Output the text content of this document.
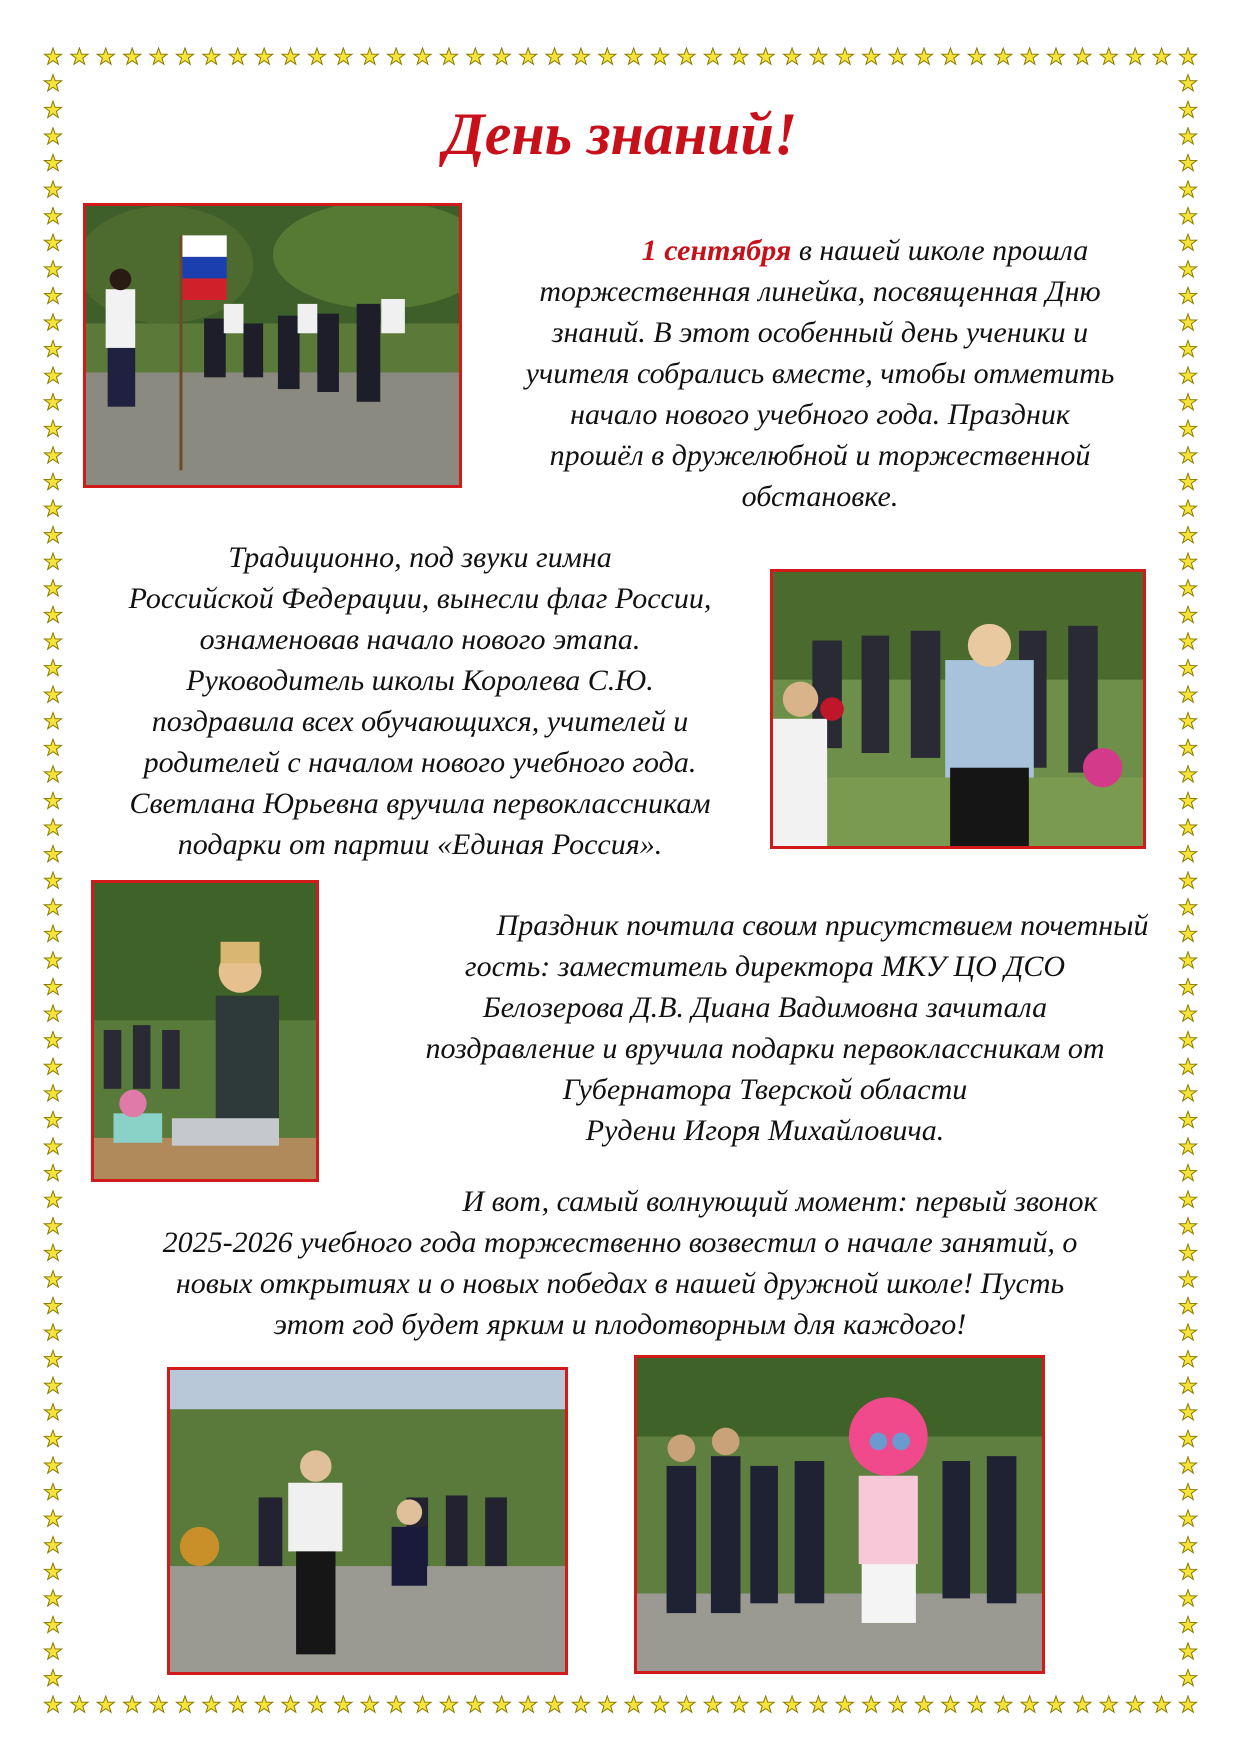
День знаний!
1 сентября в нашей школе прошла
торжественная линейка, посвященная Дню
знаний. В этот особенный день ученики и
учителя собрались вместе, чтобы отметить
начало нового учебного года. Праздник
прошёл в дружелюбной и торжественной
обстановке.
Традиционно, под звуки гимна
Российской Федерации, вынесли флаг России,
ознаменовав начало нового этапа.
Руководитель школы Королева С.Ю.
поздравила всех обучающихся, учителей и
родителей с началом нового учебного года.
Светлана Юрьевна вручила первоклассникам
подарки от партии «Единая Россия».
Праздник почтила своим присутствием почетный
гость: заместитель директора МКУ ЦО ДСО
Белозерова Д.В. Диана Вадимовна зачитала
поздравление и вручила подарки первоклассникам от
Губернатора Тверской области
Рудени Игоря Михайловича.
И вот, самый волнующий момент: первый звонок
2025-2026 учебного года торжественно возвестил о начале занятий, о
новых открытиях и о новых победах в нашей дружной школе! Пусть
этот год будет ярким и плодотворным для каждого!
